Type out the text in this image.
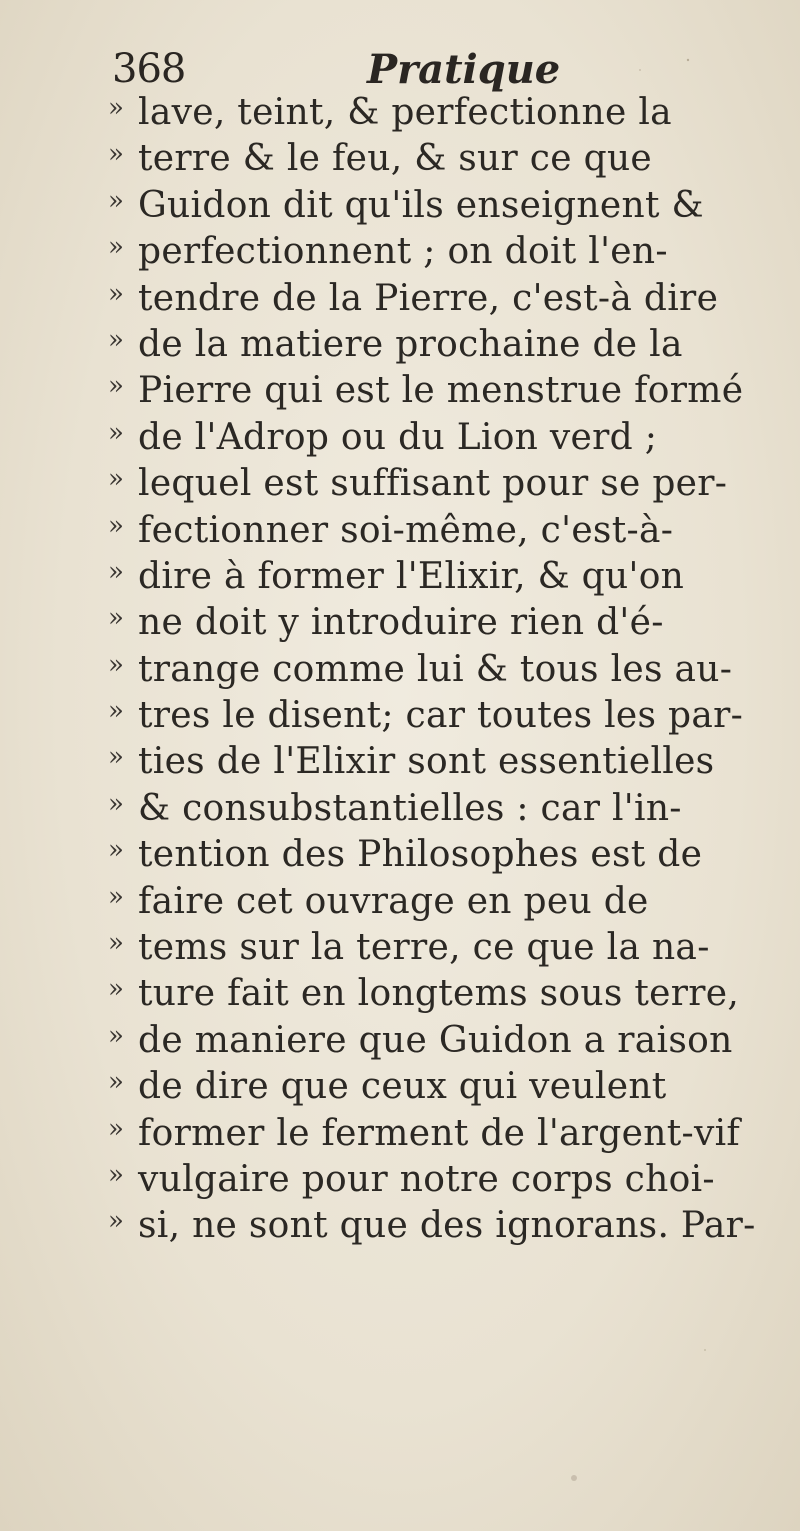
368	Pratique
» lave, teint, & perfectionne la
» terre & le feu, & sur ce que
» Guidon dit qu'ils enseignent &
» perfectionnent ; on doit l'en-
» tendre de la Pierre, c'est-à dire
» de la matiere prochaine de la
» Pierre qui est le menstrue formé
» de l'Adrop ou du Lion verd ;
» lequel est suffisant pour se per-
» fectionner soi-même, c'est-à-
» dire à former l'Elixir, & qu'on
» ne doit y introduire rien d'é-
» trange comme lui & tous les au-
» tres le disent; car toutes les par-
» ties de l'Elixir sont essentielles
» & consubstantielles : car l'in-
» tention des Philosophes est de
» faire cet ouvrage en peu de
» tems sur la terre, ce que la na-
» ture fait en longtems sous terre,
» de maniere que Guidon a raison
» de dire que ceux qui veulent
» former le ferment de l'argent-vif
» vulgaire pour notre corps choi-
» si, ne sont que des ignorans. Par-
